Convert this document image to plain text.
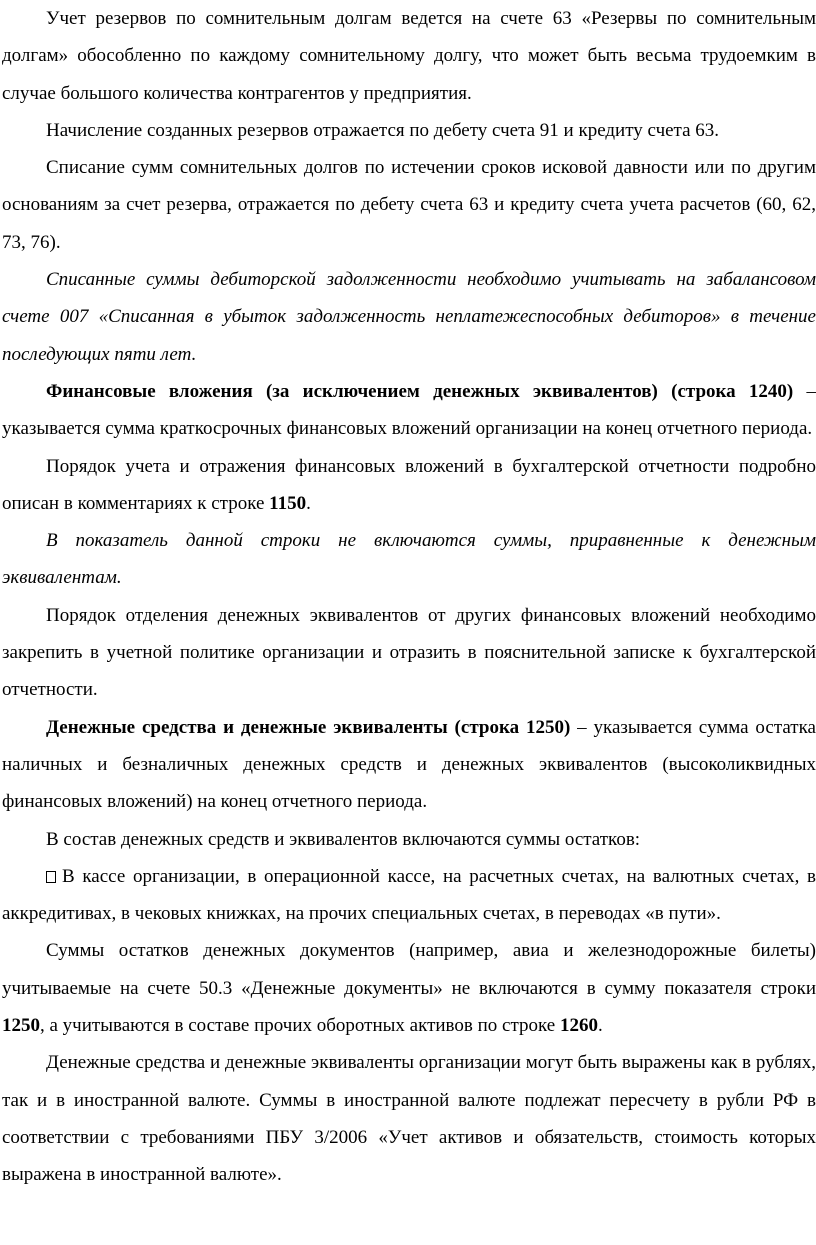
Учет резервов по сомнительным долгам ведется на счете 63 «Резервы по сомнительным долгам» обособленно по каждому сомнительному долгу, что может быть весьма трудоемким в случае большого количества контрагентов у предприятия.

Начисление созданных резервов отражается по дебету счета 91 и кредиту счета 63.

Списание сумм сомнительных долгов по истечении сроков исковой давности или по другим основаниям за счет резерва, отражается по дебету счета 63 и кредиту счета учета расчетов (60, 62, 73, 76).

Списанные суммы дебиторской задолженности необходимо учитывать на забалансовом счете 007 «Списанная в убыток задолженность неплатежеспособных дебиторов» в течение последующих пяти лет.

Финансовые вложения (за исключением денежных эквивалентов) (строка 1240) – указывается сумма краткосрочных финансовых вложений организации на конец отчетного периода.

Порядок учета и отражения финансовых вложений в бухгалтерской отчетности подробно описан в комментариях к строке 1150.

В показатель данной строки не включаются суммы, приравненные к денежным эквивалентам.

Порядок отделения денежных эквивалентов от других финансовых вложений необходимо закрепить в учетной политике организации и отразить в пояснительной записке к бухгалтерской отчетности.

Денежные средства и денежные эквиваленты (строка 1250) – указывается сумма остатка наличных и безналичных денежных средств и денежных эквивалентов (высоколиквидных финансовых вложений) на конец отчетного периода.

В состав денежных средств и эквивалентов включаются суммы остатков:

В кассе организации, в операционной кассе, на расчетных счетах, на валютных счетах, в аккредитивах, в чековых книжках, на прочих специальных счетах, в переводах «в пути».

Суммы остатков денежных документов (например, авиа и железнодорожные билеты) учитываемые на счете 50.3 «Денежные документы» не включаются в сумму показателя строки 1250, а учитываются в составе прочих оборотных активов по строке 1260.

Денежные средства и денежные эквиваленты организации могут быть выражены как в рублях, так и в иностранной валюте. Суммы в иностранной валюте подлежат пересчету в рубли РФ в соответствии с требованиями ПБУ 3/2006 «Учет активов и обязательств, стоимость которых выражена в иностранной валюте».
